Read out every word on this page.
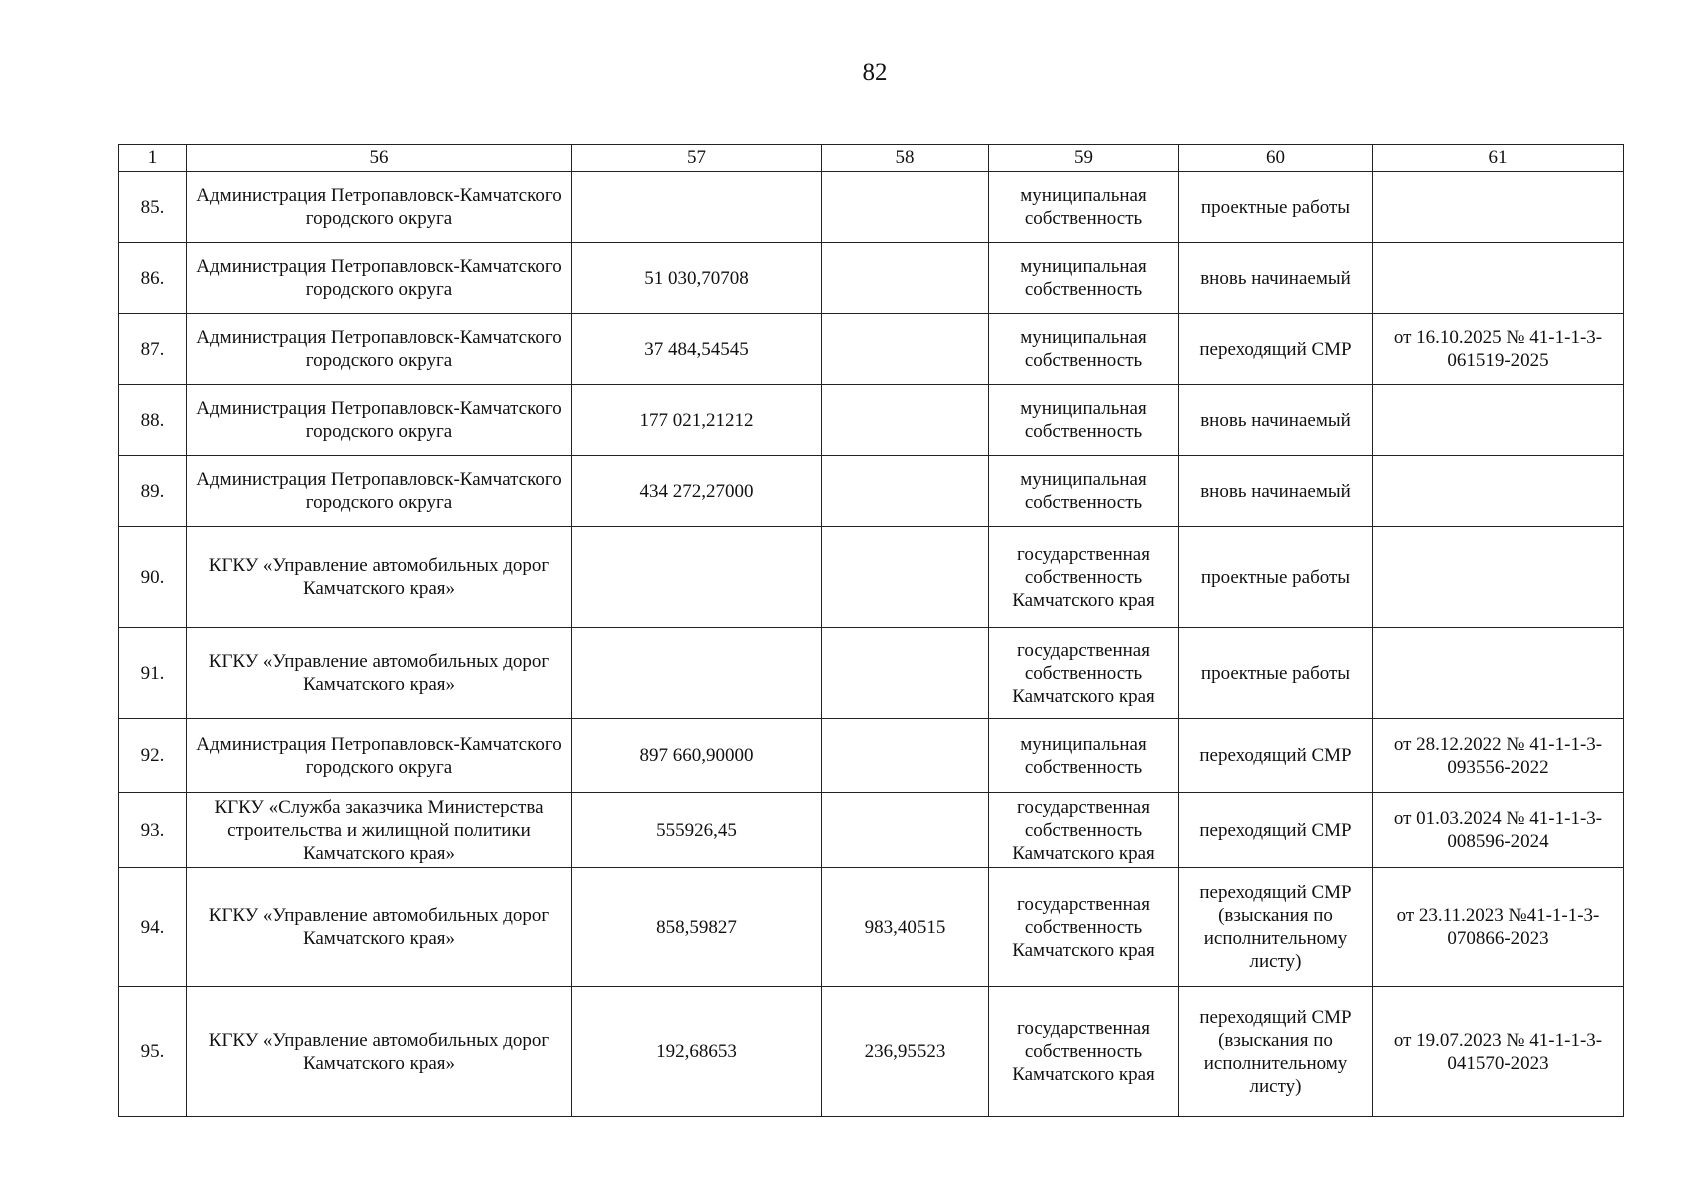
82
1	56	57	58	59	60	61
85.	Администрация Петропавловск-Камчатского городского округа			муниципальная собственность	проектные работы	
86.	Администрация Петропавловск-Камчатского городского округа	51 030,70708		муниципальная собственность	вновь начинаемый	
87.	Администрация Петропавловск-Камчатского городского округа	37 484,54545		муниципальная собственность	переходящий СМР	от 16.10.2025 № 41-1-1-3-061519-2025
88.	Администрация Петропавловск-Камчатского городского округа	177 021,21212		муниципальная собственность	вновь начинаемый	
89.	Администрация Петропавловск-Камчатского городского округа	434 272,27000		муниципальная собственность	вновь начинаемый	
90.	КГКУ «Управление автомобильных дорог Камчатского края»			государственная собственность Камчатского края	проектные работы	
91.	КГКУ «Управление автомобильных дорог Камчатского края»			государственная собственность Камчатского края	проектные работы	
92.	Администрация Петропавловск-Камчатского городского округа	897 660,90000		муниципальная собственность	переходящий СМР	от 28.12.2022 № 41-1-1-3-093556-2022
93.	КГКУ «Служба заказчика Министерства строительства и жилищной политики Камчатского края»	555926,45		государственная собственность Камчатского края	переходящий СМР	от 01.03.2024 № 41-1-1-3-008596-2024
94.	КГКУ «Управление автомобильных дорог Камчатского края»	858,59827	983,40515	государственная собственность Камчатского края	переходящий СМР (взыскания по исполнительному листу)	от 23.11.2023 №41-1-1-3-070866-2023
95.	КГКУ «Управление автомобильных дорог Камчатского края»	192,68653	236,95523	государственная собственность Камчатского края	переходящий СМР (взыскания по исполнительному листу)	от 19.07.2023 № 41-1-1-3-041570-2023
